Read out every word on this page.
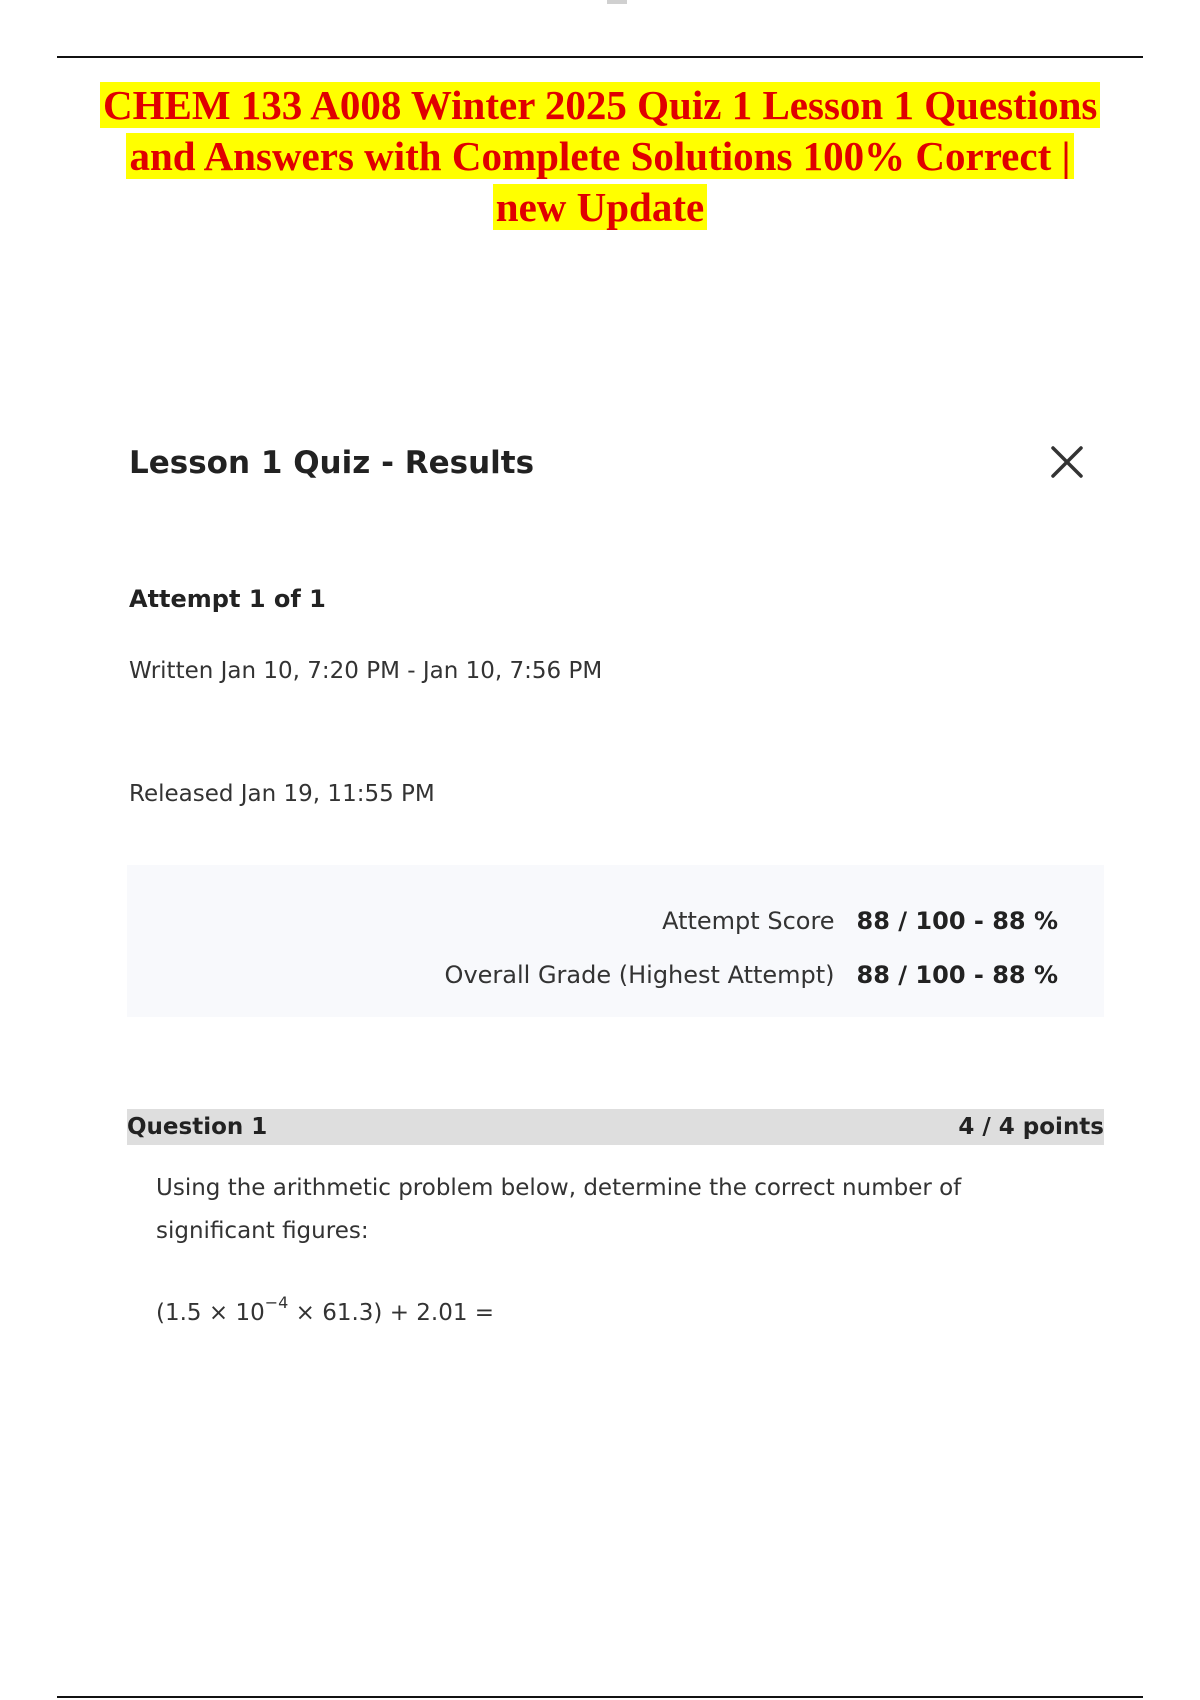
CHEM 133 A008 Winter 2025 Quiz 1 Lesson 1 Questions and Answers with Complete Solutions 100% Correct | new Update
Lesson 1 Quiz - Results
Attempt 1 of 1
Written Jan 10, 7:20 PM - Jan 10, 7:56 PM
Released Jan 19, 11:55 PM
Attempt Score 88 / 100 - 88 %
Overall Grade (Highest Attempt) 88 / 100 - 88 %
Question 1	4 / 4 points
Using the arithmetic problem below, determine the correct number of significant figures:
$(1.5 \times 10^{-4} \times 61.3) + 2.01$ =
